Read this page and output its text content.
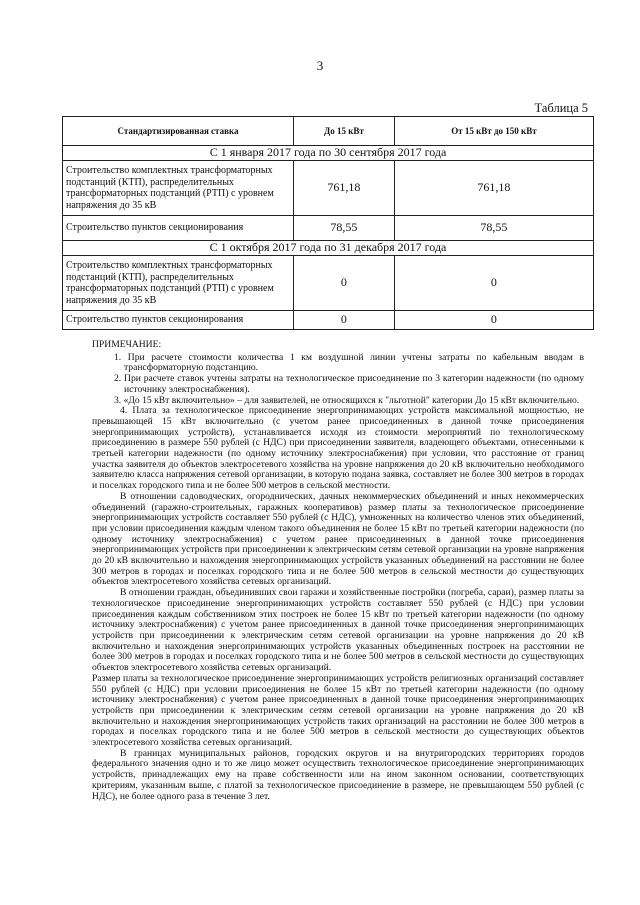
3
Таблица 5
Стандартизированная ставка	До 15 кВт	От 15 кВт до 150 кВт
С 1 января 2017 года по 30 сентября 2017 года		
Строительство комплектных трансформаторных подстанций (КТП), распределительных трансформаторных подстанций (РТП) с уровнем напряжения до 35 кВ	761,18	761,18
Строительство пунктов секционирования	78,55	78,55
С 1 октября 2017 года по 31 декабря 2017 года		
Строительство комплектных трансформаторных подстанций (КТП), распределительных трансформаторных подстанций (РТП) с уровнем напряжения до 35 кВ	0	0
Строительство пунктов секционирования	0	0
ПРИМЕЧАНИЕ:

1. При расчете стоимости количества 1 км воздушной линии учтены затраты по кабельным вводам в трансформаторную подстанцию.

2. При расчете ставок учтены затраты на технологическое присоединение по 3 категории надежности (по одному источнику электроснабжения).

3. «До 15 кВт включительно» – для заявителей, не относящихся к "льготной" категории До 15 кВт включительно.

4. Плата за технологическое присоединение энергопринимающих устройств максимальной мощностью, не превышающей 15 кВт включительно (с учетом ранее присоединенных в данной точке присоединения энергопринимающих устройств), устанавливается исходя из стоимости мероприятий по технологическому присоединению в размере 550 рублей (с НДС) при присоединении заявителя, владеющего объектами, отнесенными к третьей категории надежности (по одному источнику электроснабжения) при условии, что расстояние от границ участка заявителя до объектов электросетевого хозяйства на уровне напряжения до 20 кВ включительно необходимого заявителю класса напряжения сетевой организации, в которую подана заявка, составляет не более 300 метров в городах и поселках городского типа и не более 500 метров в сельской местности.

В отношении садоводческих, огороднических, дачных некоммерческих объединений и иных некоммерческих объединений (гаражно-строительных, гаражных кооперативов) размер платы за технологическое присоединение энергопринимающих устройств составляет 550 рублей (с НДС), умноженных на количество членов этих объединений, при условии присоединения каждым членом такого объединения не более 15 кВт по третьей категории надежности (по одному источнику электроснабжения) с учетом ранее присоединенных в данной точке присоединения энергопринимающих устройств при присоединении к электрическим сетям сетевой организации на уровне напряжения до 20 кВ включительно и нахождения энергопринимающих устройств указанных объединений на расстоянии не более 300 метров в городах и поселках городского типа и не более 500 метров в сельской местности до существующих объектов электросетевого хозяйства сетевых организаций.

В отношении граждан, объединивших свои гаражи и хозяйственные постройки (погреба, сараи), размер платы за технологическое присоединение энергопринимающих устройств составляет 550 рублей (с НДС) при условии присоединения каждым собственником этих построек не более 15 кВт по третьей категории надежности (по одному источнику электроснабжения) с учетом ранее присоединенных в данной точке присоединения энергопринимающих устройств при присоединении к электрическим сетям сетевой организации на уровне напряжения до 20 кВ включительно и нахождения энергопринимающих устройств указанных объединенных построек на расстоянии не более 300 метров в городах и поселках городского типа и не более 500 метров в сельской местности до существующих объектов электросетевого хозяйства сетевых организаций.

Размер платы за технологическое присоединение энергопринимающих устройств религиозных организаций составляет 550 рублей (с НДС) при условии присоединения не более 15 кВт по третьей категории надежности (по одному источнику электроснабжения) с учетом ранее присоединенных в данной точке присоединения энергопринимающих устройств при присоединении к электрическим сетям сетевой организации на уровне напряжения до 20 кВ включительно и нахождения энергопринимающих устройств таких организаций на расстоянии не более 300 метров в городах и поселках городского типа и не более 500 метров в сельской местности до существующих объектов электросетевого хозяйства сетевых организаций.

В границах муниципальных районов, городских округов и на внутригородских территориях городов федерального значения одно и то же лицо может осуществить технологическое присоединение энергопринимающих устройств, принадлежащих ему на праве собственности или на ином законном основании, соответствующих критериям, указанным выше, с платой за технологическое присоединение в размере, не превышающем 550 рублей (с НДС), не более одного раза в течение 3 лет.
